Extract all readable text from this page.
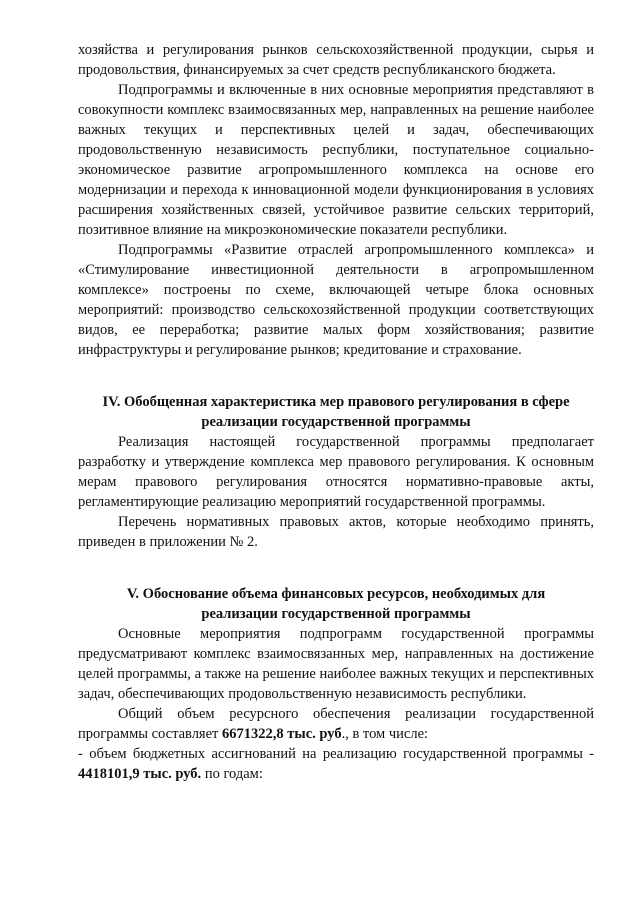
хозяйства и регулирования рынков сельскохозяйственной продукции, сырья и продовольствия, финансируемых за счет средств республиканского бюджета.

Подпрограммы и включенные в них основные мероприятия представляют в совокупности комплекс взаимосвязанных мер, направленных на решение наиболее важных текущих и перспективных целей и задач, обеспечивающих продовольственную независимость республики, поступательное социально-экономическое развитие агропромышленного комплекса на основе его модернизации и перехода к инновационной модели функционирования в условиях расширения хозяйственных связей, устойчивое развитие сельских территорий, позитивное влияние на микроэкономические показатели республики.

Подпрограммы «Развитие отраслей агропромышленного комплекса» и «Стимулирование инвестиционной деятельности в агропромышленном комплексе» построены по схеме, включающей четыре блока основных мероприятий: производство сельскохозяйственной продукции соответствующих видов, ее переработка; развитие малых форм хозяйствования; развитие инфраструктуры и регулирование рынков; кредитование и страхование.

IV. Обобщенная характеристика мер правового регулирования в сфере
реализации государственной программы

Реализация настоящей государственной программы предполагает разработку и утверждение комплекса мер правового регулирования. К основным мерам правового регулирования относятся нормативно-правовые акты, регламентирующие реализацию мероприятий государственной программы.

Перечень нормативных правовых актов, которые необходимо принять, приведен в приложении № 2.

V. Обоснование объема финансовых ресурсов, необходимых для
реализации государственной программы

Основные мероприятия подпрограмм государственной программы предусматривают комплекс взаимосвязанных мер, направленных на достижение целей программы, а также на решение наиболее важных текущих и перспективных задач, обеспечивающих продовольственную независимость республики.

Общий объем ресурсного обеспечения реализации государственной программы составляет 6671322,8 тыс. руб., в том числе:

- объем бюджетных ассигнований на реализацию государственной программы - 4418101,9 тыс. руб. по годам:
